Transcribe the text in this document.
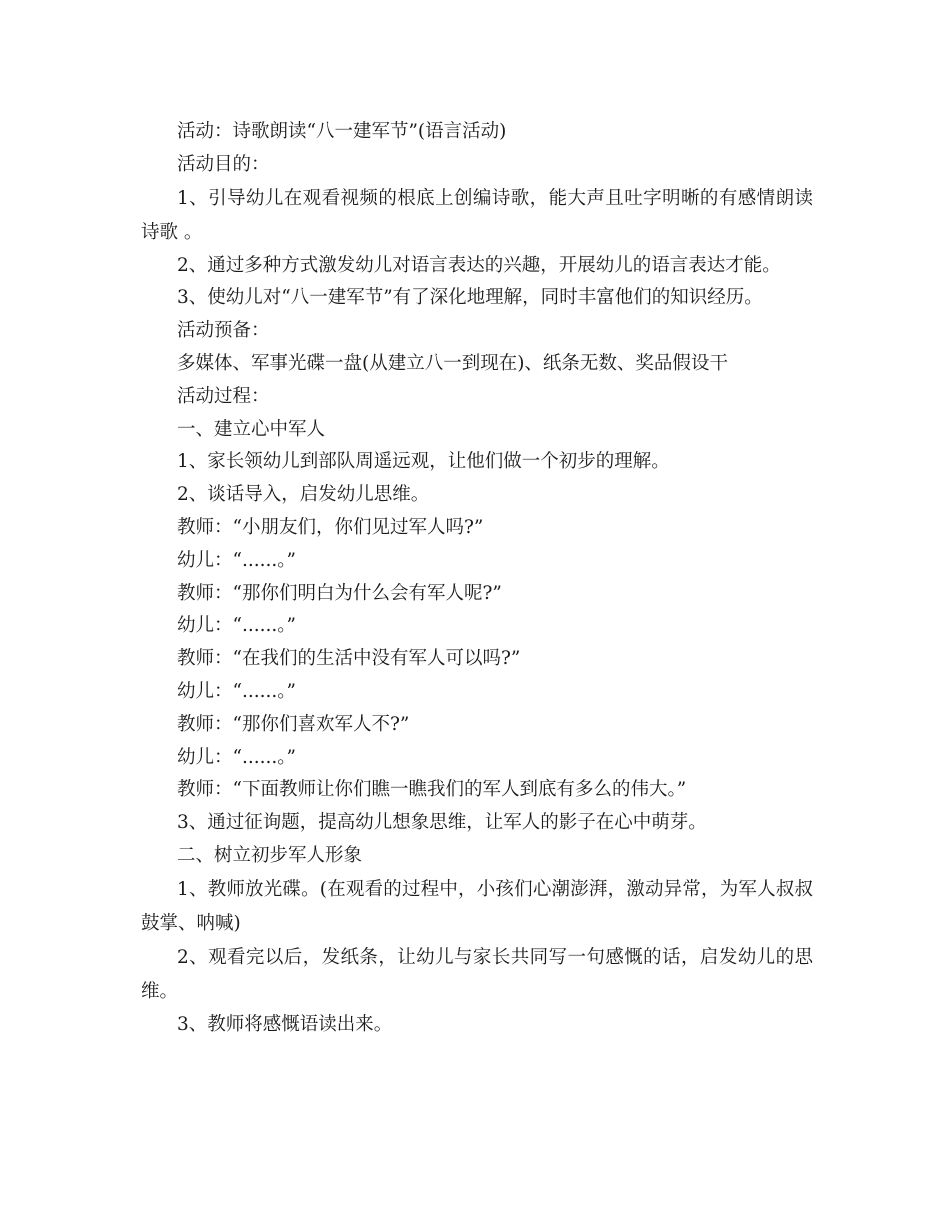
活动：诗歌朗读“八一建军节”(语言活动)
活动目的：

1、引导幼儿在观看视频的根底上创编诗歌，能大声且吐字明晰的有感情朗读诗歌 。

2、通过多种方式激发幼儿对语言表达的兴趣，开展幼儿的语言表达才能。
3、使幼儿对“八一建军节”有了深化地理解，同时丰富他们的知识经历。
活动预备：
多媒体、军事光碟一盘(从建立八一到现在)、纸条无数、奖品假设干
活动过程：
一、建立心中军人
1、家长领幼儿到部队周遥远观，让他们做一个初步的理解。
2、谈话导入，启发幼儿思维。
教师：“小朋友们，你们见过军人吗?”
幼儿：“......。”
教师：“那你们明白为什么会有军人呢?”
幼儿：“......。”
教师：“在我们的生活中没有军人可以吗?”
幼儿：“......。”
教师：“那你们喜欢军人不?”
幼儿：“......。”
教师：“下面教师让你们瞧一瞧我们的军人到底有多么的伟大。”
3、通过征询题，提高幼儿想象思维，让军人的影子在心中萌芽。
二、树立初步军人形象

1、教师放光碟。(在观看的过程中，小孩们心潮澎湃，激动异常，为军人叔叔鼓掌、呐喊)

2、观看完以后，发纸条，让幼儿与家长共同写一句感慨的话，启发幼儿的思维。

3、教师将感慨语读出来。
